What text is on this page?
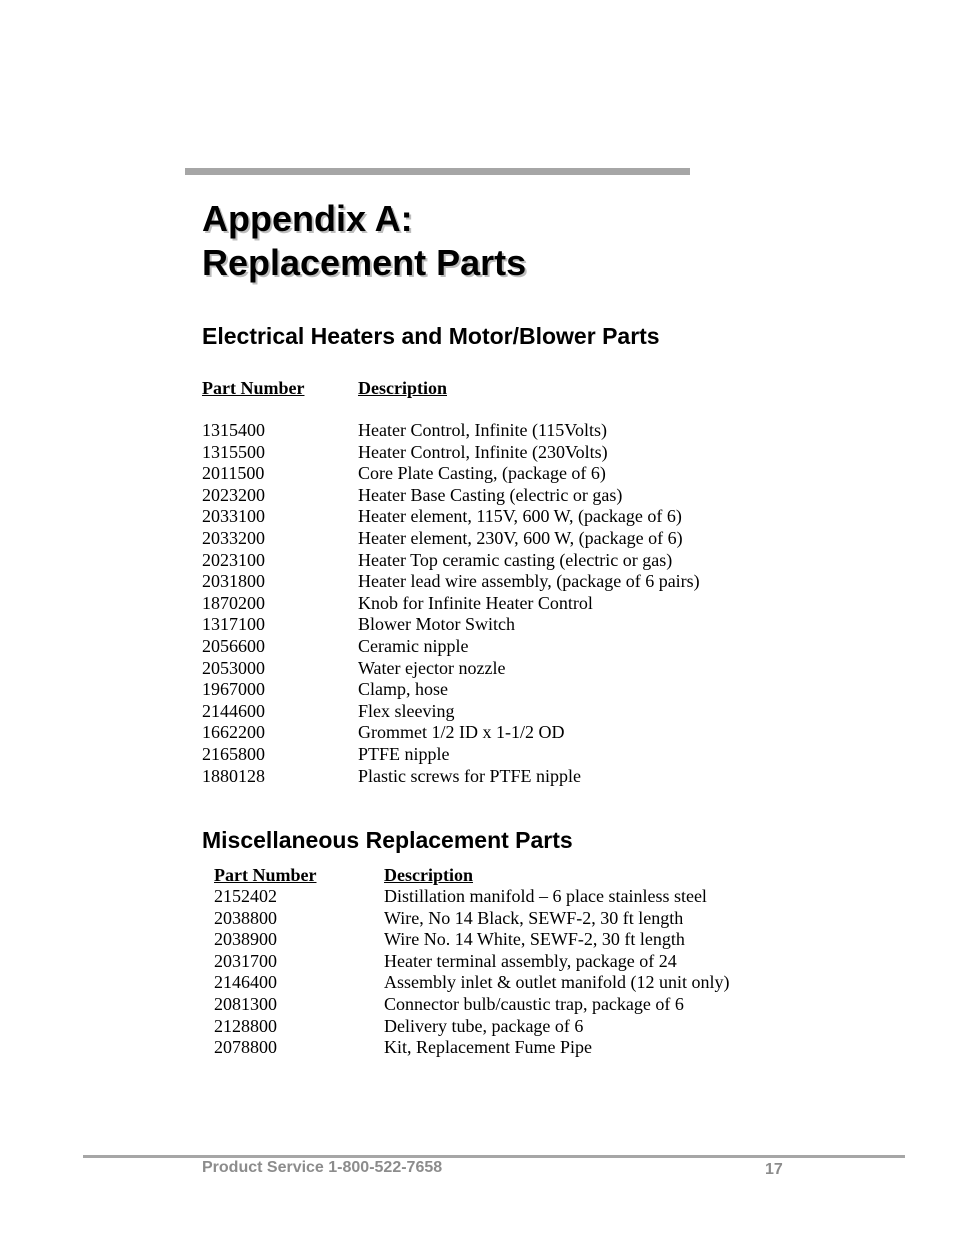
Appendix A:
Replacement Parts
Electrical Heaters and Motor/Blower Parts
Part Number	Description
1315400	Heater Control, Infinite (115Volts)
1315500	Heater Control, Infinite (230Volts)
2011500	Core Plate Casting, (package of 6)
2023200	Heater Base Casting (electric or gas)
2033100	Heater element, 115V, 600 W, (package of 6)
2033200	Heater element, 230V, 600 W, (package of 6)
2023100	Heater Top ceramic casting (electric or gas)
2031800	Heater lead wire assembly, (package of 6 pairs)
1870200	Knob for Infinite Heater Control
1317100	Blower Motor Switch
2056600	Ceramic nipple
2053000	Water ejector nozzle
1967000	Clamp, hose
2144600	Flex sleeving
1662200	Grommet 1/2 ID x 1-1/2 OD
2165800	PTFE nipple
1880128	Plastic screws for PTFE nipple
Miscellaneous Replacement Parts
Part Number	Description
2152402	Distillation manifold – 6 place stainless steel
2038800	Wire, No 14 Black, SEWF-2, 30 ft length
2038900	Wire No. 14 White, SEWF-2, 30 ft length
2031700	Heater terminal assembly, package of 24
2146400	Assembly inlet & outlet manifold (12 unit only)
2081300	Connector bulb/caustic trap, package of 6
2128800	Delivery tube, package of 6
2078800	Kit, Replacement Fume Pipe
Product Service 1-800-522-7658	17
